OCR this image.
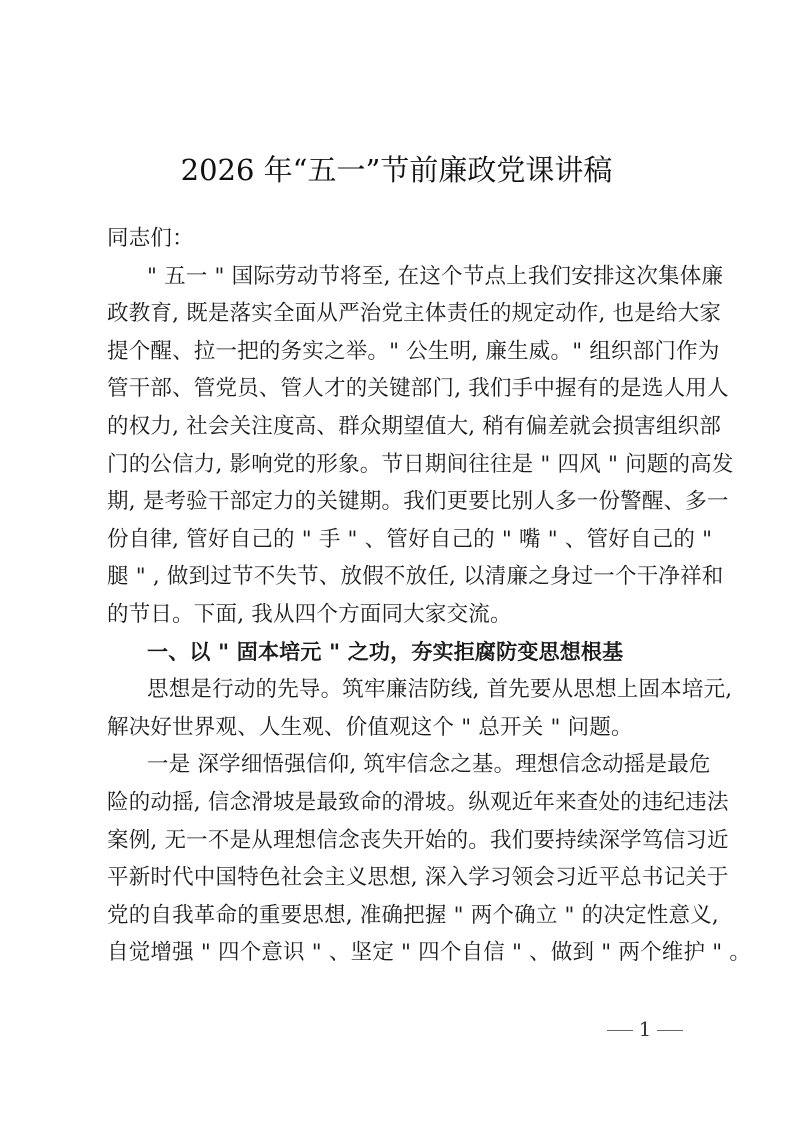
2026 年“五一”节前廉政党课讲稿
同志们：
" 五一 " 国际劳动节将至, 在这个节点上我们安排这次集体廉
政教育, 既是落实全面从严治党主体责任的规定动作, 也是给大家
提个醒、拉一把的务实之举。" 公生明, 廉生威。" 组织部门作为
管干部、管党员、管人才的关键部门, 我们手中握有的是选人用人
的权力, 社会关注度高、群众期望值大, 稍有偏差就会损害组织部
门的公信力, 影响党的形象。节日期间往往是 " 四风 " 问题的高发
期, 是考验干部定力的关键期。我们更要比别人多一份警醒、多一
份自律, 管好自己的 " 手 " 、管好自己的 " 嘴 " 、管好自己的 "
腿 " , 做到过节不失节、放假不放任, 以清廉之身过一个干净祥和
的节日。下面, 我从四个方面同大家交流。
一、以 " 固本培元 " 之功，夯实拒腐防变思想根基
思想是行动的先导。筑牢廉洁防线, 首先要从思想上固本培元,
解决好世界观、人生观、价值观这个 " 总开关 " 问题。
一是 深学细悟强信仰, 筑牢信念之基。理想信念动摇是最危
险的动摇, 信念滑坡是最致命的滑坡。纵观近年来查处的违纪违法
案例, 无一不是从理想信念丧失开始的。我们要持续深学笃信习近
平新时代中国特色社会主义思想, 深入学习领会习近平总书记关于
党的自我革命的重要思想, 准确把握 " 两个确立 " 的决定性意义,
自觉增强 " 四个意识 " 、坚定 " 四个自信 " 、做到 " 两个维护 " 。
1
